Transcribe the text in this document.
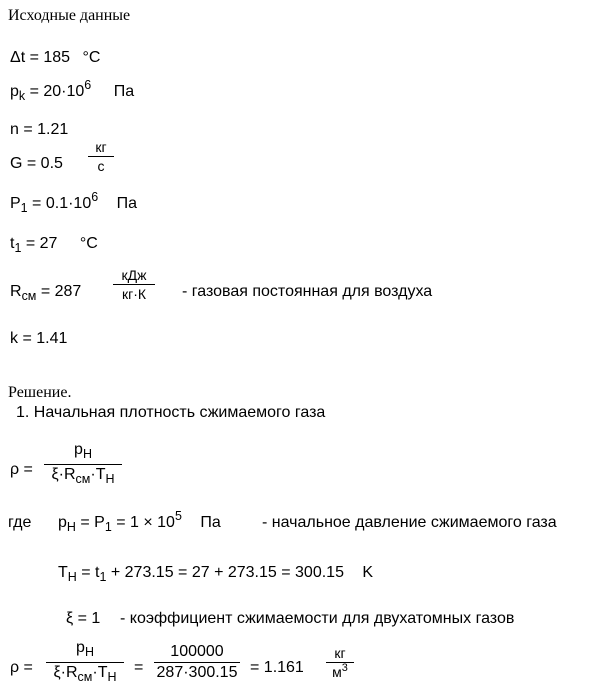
Исходные данные
Δt = 185 °C
$p_k = 20\cdot 10^6$ Па
n = 1.21
G = 0.5
кг
с
$P_1 = 0.1\cdot 10^6$ Па
$t_1 = 27$ °C
$R_{см} = 287$
кДж
кг·К	- газовая постоянная для воздуха
k = 1.41
Решение.
1. Начальная плотность сжимаемого газа
ρ =
$p_H$
$\xi\cdot R_{см}\cdot T_H$
где $p_H = P_1 = 1 \times 10^5$ Па	- начальное давление сжимаемого газа
$T_H = t_1 + 273.15 = 27 + 273.15 = 300.15$ K
ξ = 1 - коэффициент сжимаемости для двухатомных газов
ρ =
$p_H$
$\xi\cdot R_{см}\cdot T_H$
=
100000
287·300.15 = 1.161
кг
$м^3$
